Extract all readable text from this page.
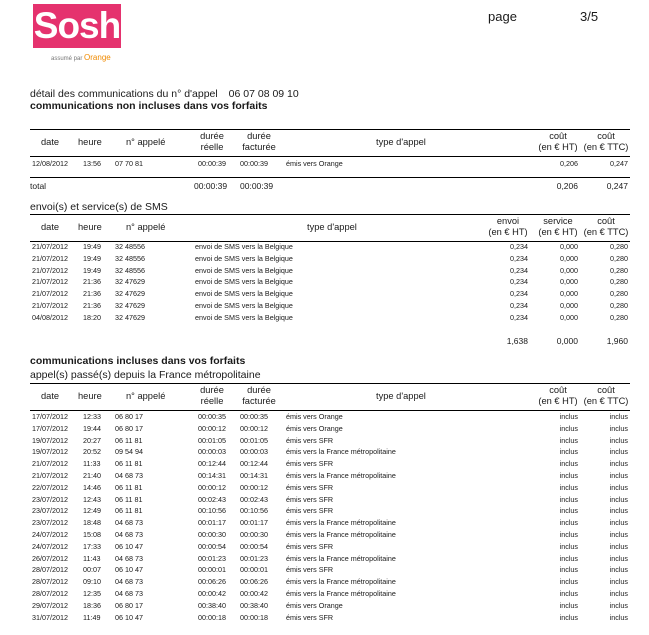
Sosh
assumé par Orange
page	3/5
détail des communications du n° d'appel 06 07 08 09 10
communications non incluses dans vos forfaits
date heure	n° appelé
durée
réelle
durée
facturée	type d'appel
coût
(en € HT)
coût
(en € TTC)
12/08/2012 13:56 07 70 81	00:00:39 00:00:39	émis vers Orange	0,206	0,247
total	00:00:39 00:00:39	0,206	0,247
envoi(s) et service(s) de SMS
date heure	n° appelé	type d'appel
envoi
(en € HT)
service
(en € HT)
coût
(en € TTC)
21/07/2012 19:49 32 48556	envoi de SMS vers la Belgique	0,234	0,000	0,280
21/07/2012 19:49 32 48556	envoi de SMS vers la Belgique	0,234	0,000	0,280
21/07/2012 19:49 32 48556	envoi de SMS vers la Belgique	0,234	0,000	0,280
21/07/2012 21:36 32 47629	envoi de SMS vers la Belgique	0,234	0,000	0,280
21/07/2012 21:36 32 47629	envoi de SMS vers la Belgique	0,234	0,000	0,280
21/07/2012 21:36 32 47629	envoi de SMS vers la Belgique	0,234	0,000	0,280
04/08/2012 18:20 32 47629	envoi de SMS vers la Belgique	0,234	0,000	0,280
1,638	0,000	1,960
communications incluses dans vos forfaits
appel(s) passé(s) depuis la France métropolitaine
date heure	n° appelé
durée
réelle
durée
facturée	type d'appel
coût
(en € HT)
coût
(en € TTC)
17/07/2012 12:33 06 80 17	00:00:35 00:00:35	émis vers Orange	inclus	inclus
17/07/2012 19:44 06 80 17	00:00:12 00:00:12	émis vers Orange	inclus	inclus
19/07/2012 20:27 06 11 81	00:01:05 00:01:05	émis vers SFR	inclus	inclus
19/07/2012 20:52 09 54 94	00:00:03 00:00:03	émis vers la France métropolitaine	inclus	inclus
21/07/2012 11:33 06 11 81	00:12:44 00:12:44	émis vers SFR	inclus	inclus
21/07/2012 21:40 04 68 73	00:14:31 00:14:31	émis vers la France métropolitaine	inclus	inclus
22/07/2012 14:46 06 11 81	00:00:12 00:00:12	émis vers SFR	inclus	inclus
23/07/2012 12:43 06 11 81	00:02:43 00:02:43	émis vers SFR	inclus	inclus
23/07/2012 12:49 06 11 81	00:10:56 00:10:56	émis vers SFR	inclus	inclus
23/07/2012 18:48 04 68 73	00:01:17 00:01:17	émis vers la France métropolitaine	inclus	inclus
24/07/2012 15:08 04 68 73	00:00:30 00:00:30	émis vers la France métropolitaine	inclus	inclus
24/07/2012 17:33 06 10 47	00:00:54 00:00:54	émis vers SFR	inclus	inclus
26/07/2012 11:43 04 68 73	00:01:23 00:01:23	émis vers la France métropolitaine	inclus	inclus
28/07/2012 00:07 06 10 47	00:00:01 00:00:01	émis vers SFR	inclus	inclus
28/07/2012 09:10 04 68 73	00:06:26 00:06:26	émis vers la France métropolitaine	inclus	inclus
28/07/2012 12:35 04 68 73	00:00:42 00:00:42	émis vers la France métropolitaine	inclus	inclus
29/07/2012 18:36 06 80 17	00:38:40 00:38:40	émis vers Orange	inclus	inclus
31/07/2012 11:49 06 10 47	00:00:18 00:00:18	émis vers SFR	inclus	inclus
